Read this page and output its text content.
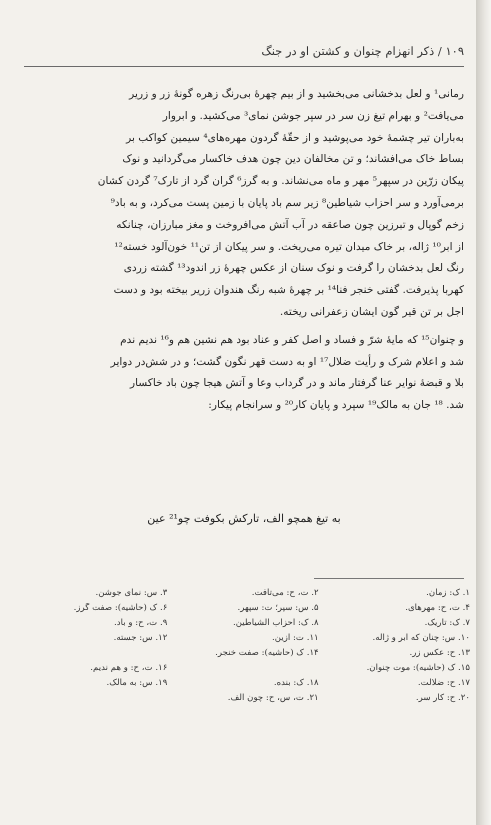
۱۰۹ / ذکر انهزام چنوان و کشتن او در جنگ

رمانی¹ و لعل بدخشانی می‌بخشید و از بیم چهرهٔ بی‌رنگ زهره گونهٔ زر و زریر
می‌یافت² و بهرام تیغ زن سر در سپر جوشن نمای³ می‌کشید. و ابروار
به‌باران تیر چشمهٔ خود می‌پوشید و از حقّهٔ گردون مهره‌های⁴ سیمین کواکب بر
بساط خاک می‌افشاند؛ و تن مخالفان دین چون هدف خاکسار می‌گردانید و نوک
پیکان زرّین در سپهر⁵ مهر و ماه می‌نشاند. و به گرز⁶ گران گرد از تارک⁷ گردن کشان
برمی‌آورد و سر احزاب شیاطین⁸ زیر سم باد پایان با زمین پست می‌کرد، و به باد⁹
زخم گوپال و تبرزین چون صاعقه در آب آتش می‌افروخت و مغز مبارزان، چنانکه
از ابر¹⁰ ژاله، بر خاک میدان تیره می‌ریخت. و سر پیکان از تن¹¹ خون‌آلود خسته¹²
رنگ لعل بدخشان را گرفت و نوک سنان از عکس چهرهٔ زر اندود¹³ گشته زردی
کهربا پذیرفت. گفتی خنجر فنا¹⁴ بر چهرهٔ شبه رنگ هندوان زریر بیخته بود و دست
اجل بر تن قیر گون ایشان زعفرانی ریخته.

و چنوان¹⁵ که مایهٔ شرّ و فساد و اصل کفر و عناد بود هم نشین هم و¹⁶ ندیم ندم
شد و اعلام شرک و رأیت ضلال¹⁷ او به دست قهر نگون گشت؛ و در شش‌در دوایر
بلا و قبضهٔ نوایر عنا گرفتار ماند و در گرداب وعا و آتش هیجا چون باد خاکسار
شد. ¹⁸ جان به مالک¹⁹ سپرد و پایان کار²⁰ و سرانجام پیکار:

به تیغ همچو الف، تارکش بکوفت چو²¹ عین
۱. ک: زمان.
۲. ت، ح: می‌تافت.
۳. س: نمای جوشن.
۴. ت، ح: مهرهای.
۵. س: سپر؛ ت: سپهر.
۶. ک (حاشیه): صفت گرز.
۷. ک: تاریک.
۸. ک: احزاب الشیاطین.
۹. ت، ح: و باد.
۱۰. س: چنان که ابر و ژاله.
۱۱. ت: ازین.
۱۲. س: جسته.
۱۳. ح: عکس زر.
۱۴. ک (حاشیه): صفت خنجر.
۱۵. ک (حاشیه): موت چنوان.
۱۶. ت، ح: و هم ندیم.
۱۷. ح: ضلالت.
۱۸. ک: بنده.
۱۹. س: به مالک.
۲۰. ح: کار سر.
۲۱. ت، س، ح: چون الف.
